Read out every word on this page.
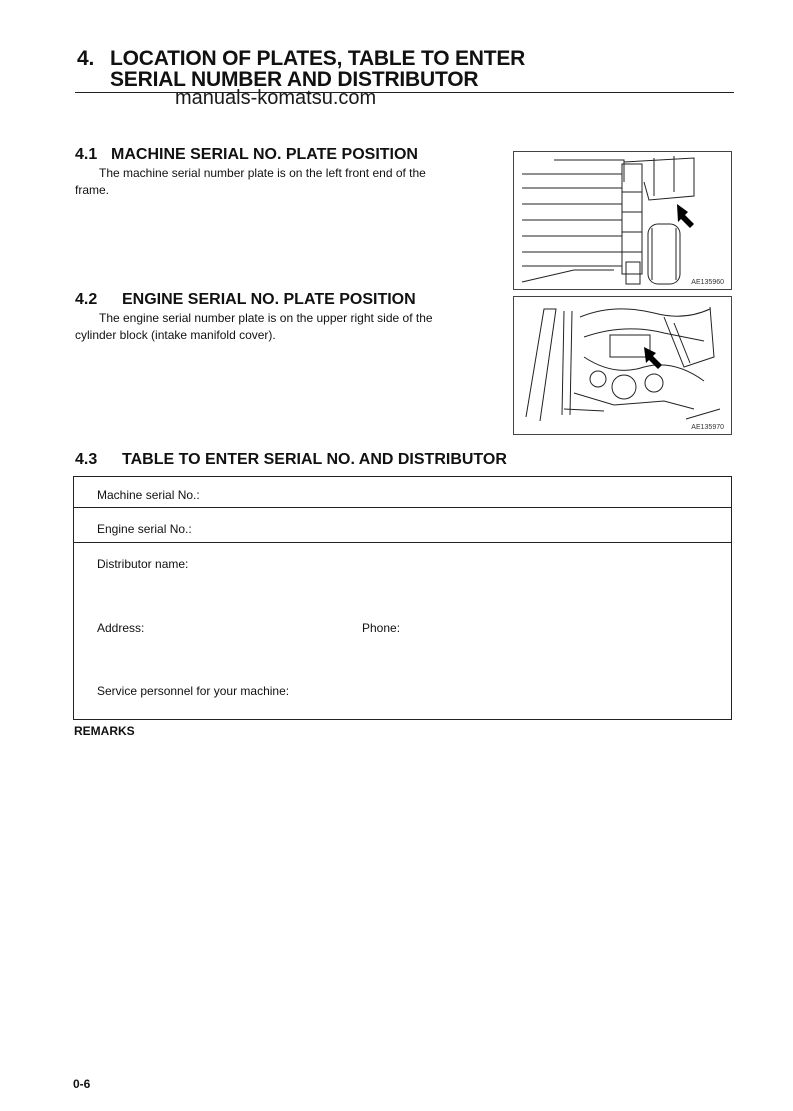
4. LOCATION OF PLATES, TABLE TO ENTER
SERIAL NUMBER AND DISTRIBUTOR
manuals-komatsu.com
4.1 MACHINE SERIAL NO. PLATE POSITION
The machine serial number plate is on the left front end of the
frame.
AE135960
4.2 ENGINE SERIAL NO. PLATE POSITION
The engine serial number plate is on the upper right side of the
cylinder block (intake manifold cover).
AE135970
4.3 TABLE TO ENTER SERIAL NO. AND DISTRIBUTOR
Machine serial No.:
Engine serial No.:
Distributor name:
Address:	Phone:
Service personnel for your machine:
REMARKS
0-6
